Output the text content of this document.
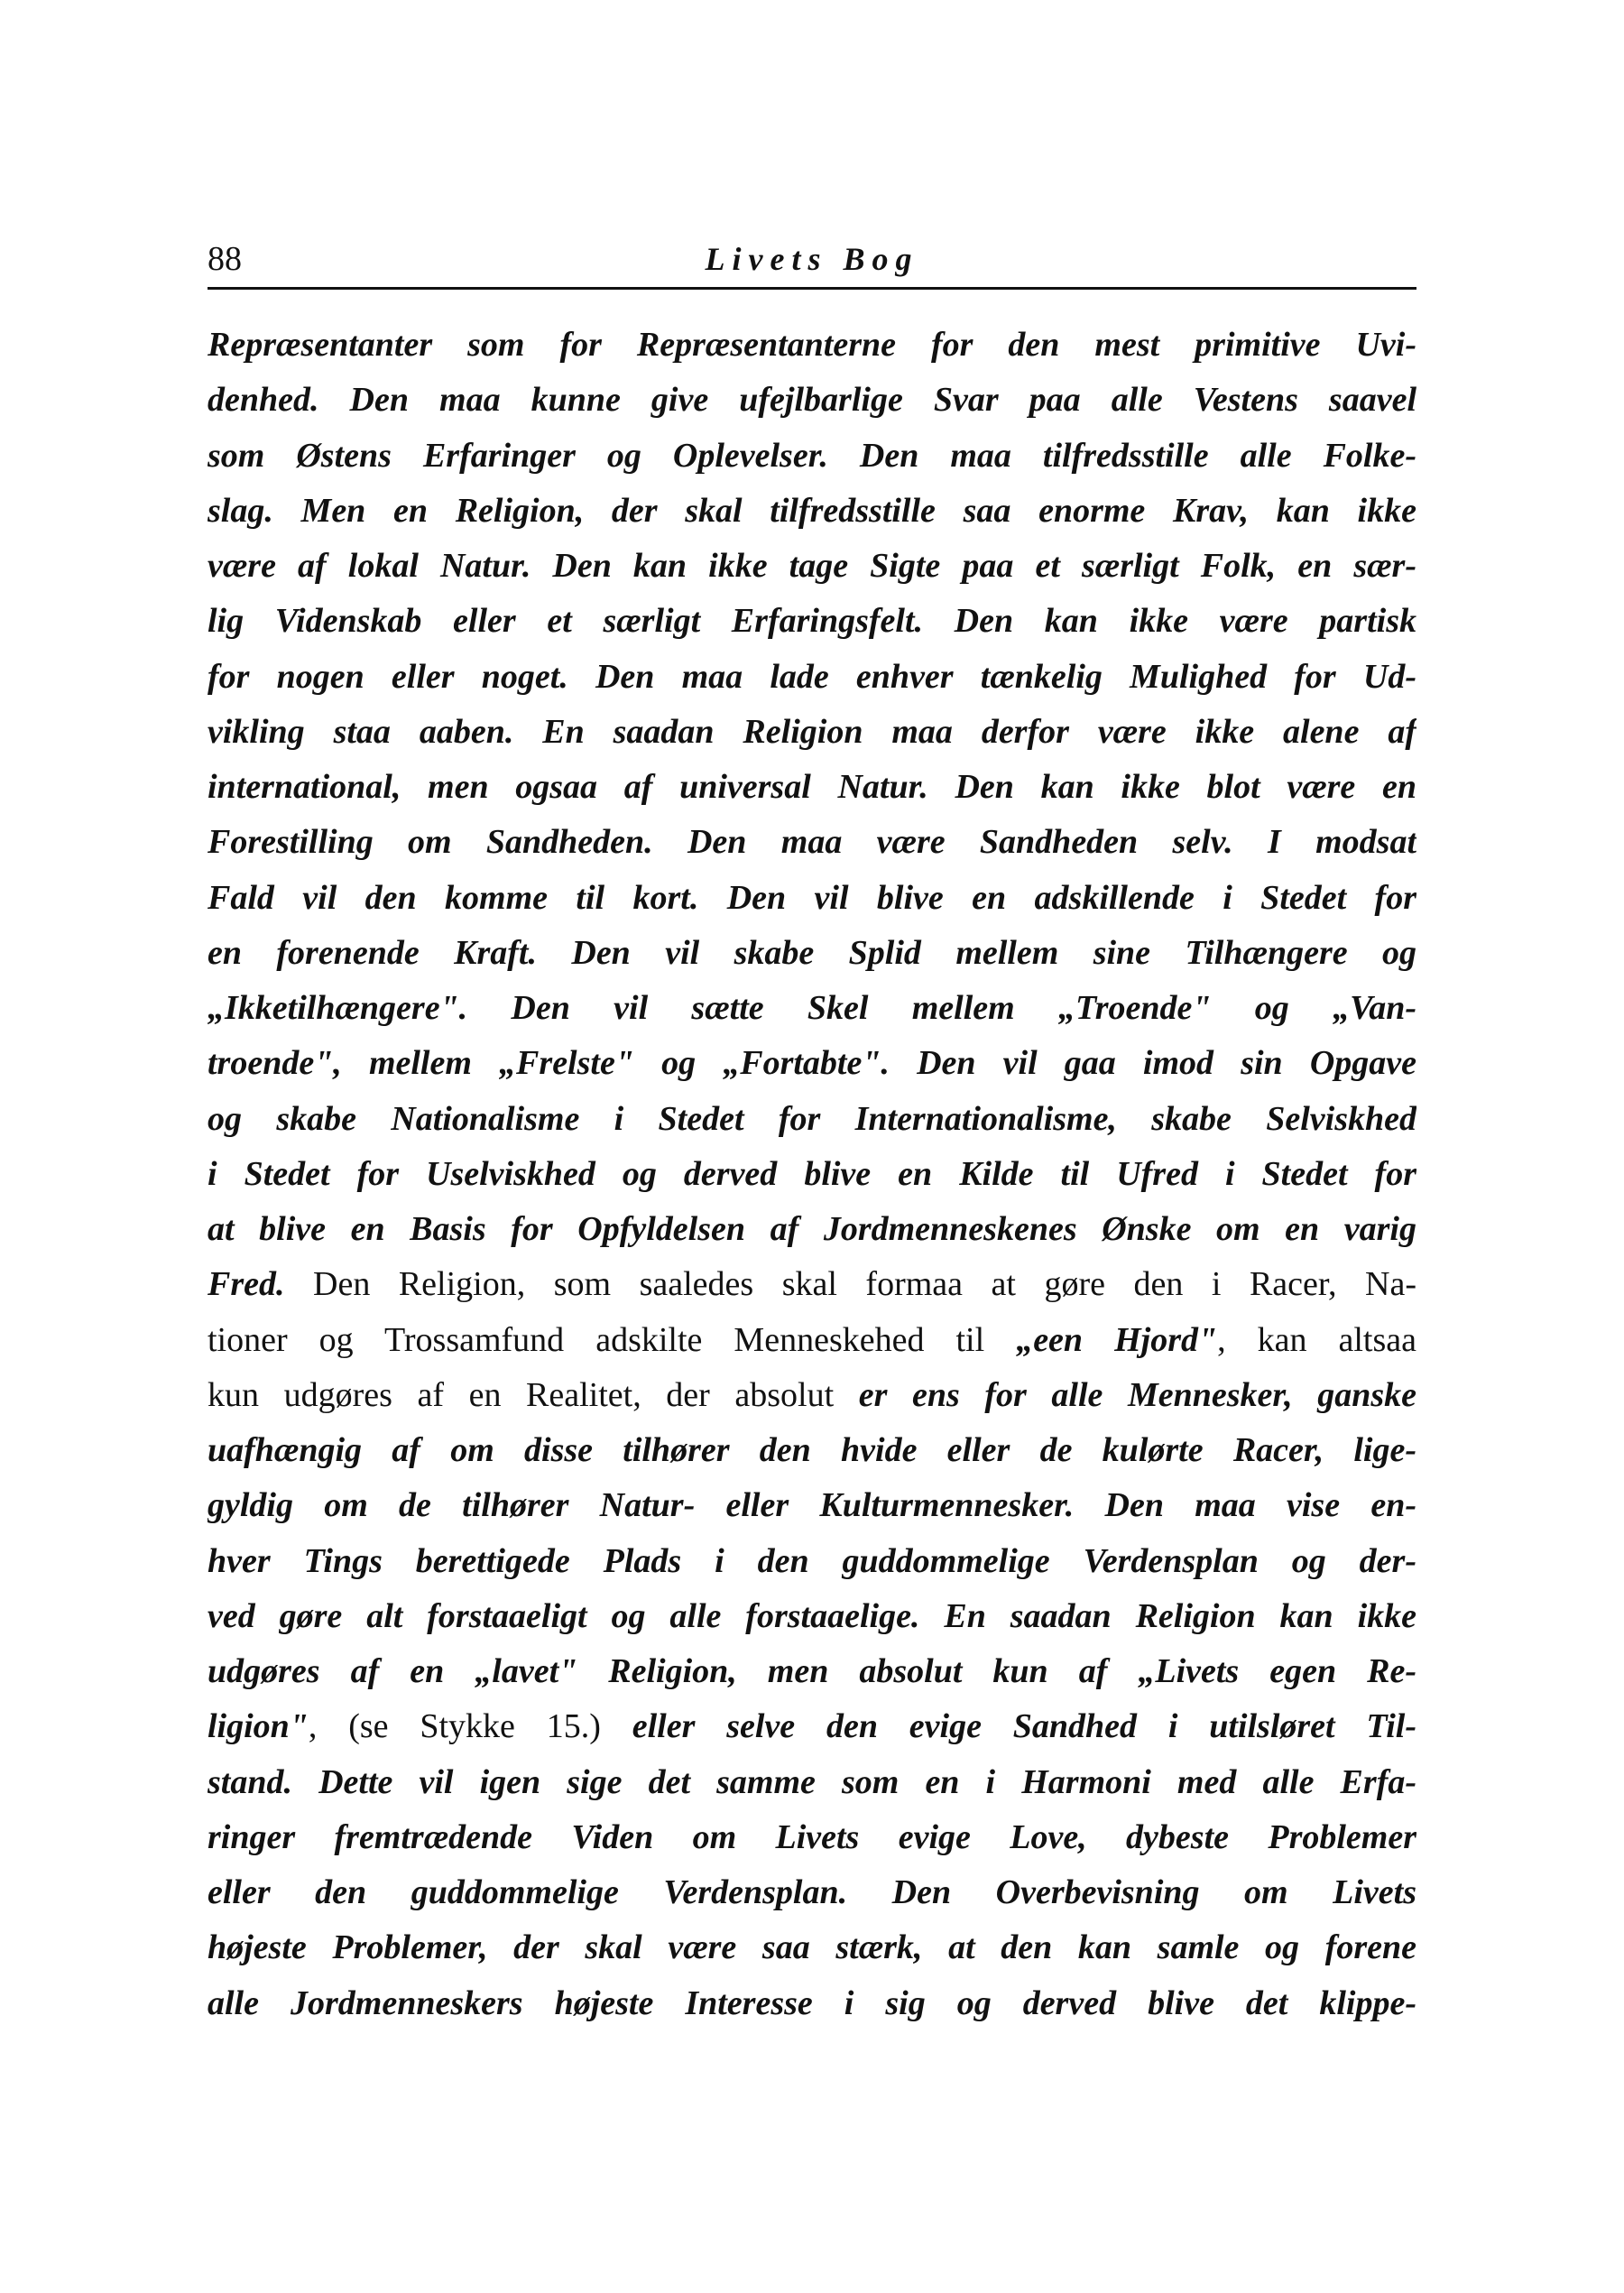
88	Livets Bog
Repræsentanter som for Repræsentanterne for den mest primitive Uvi-
denhed. Den maa kunne give ufejlbarlige Svar paa alle Vestens saavel
som Østens Erfaringer og Oplevelser. Den maa tilfredsstille alle Folke-
slag. Men en Religion, der skal tilfredsstille saa enorme Krav, kan ikke
være af lokal Natur. Den kan ikke tage Sigte paa et særligt Folk, en sær-
lig Videnskab eller et særligt Erfaringsfelt. Den kan ikke være partisk
for nogen eller noget. Den maa lade enhver tænkelig Mulighed for Ud-
vikling staa aaben. En saadan Religion maa derfor være ikke alene af
international, men ogsaa af universal Natur. Den kan ikke blot være en
Forestilling om Sandheden. Den maa være Sandheden selv. I modsat
Fald vil den komme til kort. Den vil blive en adskillende i Stedet for
en forenende Kraft. Den vil skabe Splid mellem sine Tilhængere og
„Ikketilhængere". Den vil sætte Skel mellem „Troende" og „Van-
troende", mellem „Frelste" og „Fortabte". Den vil gaa imod sin Opgave
og skabe Nationalisme i Stedet for Internationalisme, skabe Selviskhed
i Stedet for Uselviskhed og derved blive en Kilde til Ufred i Stedet for
at blive en Basis for Opfyldelsen af Jordmenneskenes Ønske om en varig
Fred. Den Religion, som saaledes skal formaa at gøre den i Racer, Na-
tioner og Trossamfund adskilte Menneskehed til „een Hjord", kan altsaa
kun udgøres af en Realitet, der absolut er ens for alle Mennesker, ganske
uafhængig af om disse tilhører den hvide eller de kulørte Racer, lige-
gyldig om de tilhører Natur- eller Kulturmennesker. Den maa vise en-
hver Tings berettigede Plads i den guddommelige Verdensplan og der-
ved gøre alt forstaaeligt og alle forstaaelige. En saadan Religion kan ikke
udgøres af en „lavet" Religion, men absolut kun af „Livets egen Re-
ligion", (se Stykke 15.) eller selve den evige Sandhed i utilsløret Til-
stand. Dette vil igen sige det samme som en i Harmoni med alle Erfa-
ringer fremtrædende Viden om Livets evige Love, dybeste Problemer
eller den guddommelige Verdensplan. Den Overbevisning om Livets
højeste Problemer, der skal være saa stærk, at den kan samle og forene
alle Jordmenneskers højeste Interesse i sig og derved blive det klippe-
